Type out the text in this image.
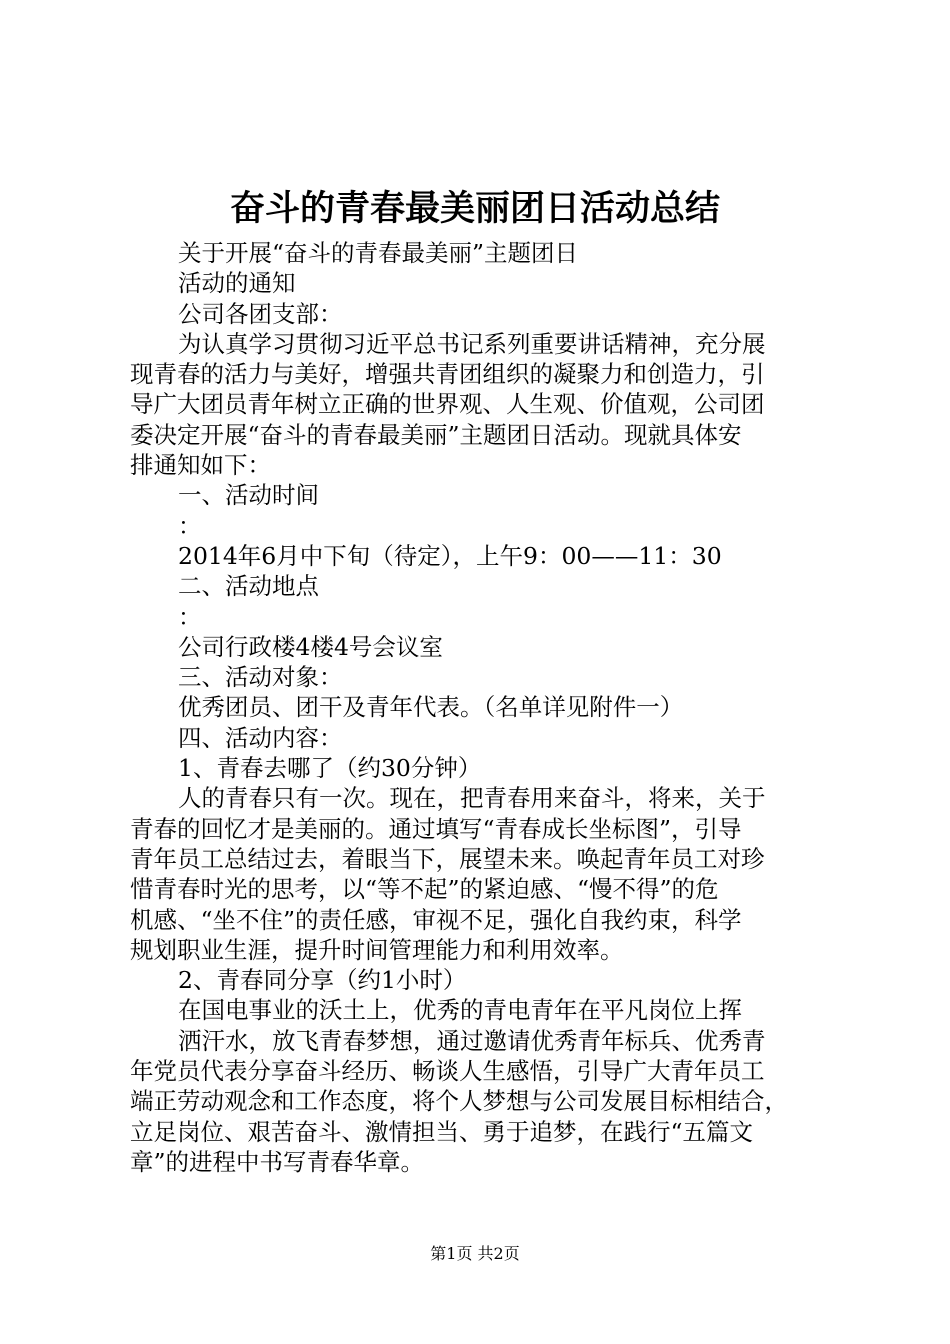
奋斗的青春最美丽团日活动总结
关于开展“奋斗的青春最美丽”主题团日
活动的通知
公司各团支部：
为认真学习贯彻习近平总书记系列重要讲话精神，充分展
现青春的活力与美好，增强共青团组织的凝聚力和创造力，引
导广大团员青年树立正确的世界观、人生观、价值观，公司团
委决定开展“奋斗的青春最美丽”主题团日活动。现就具体安
排通知如下：
一、活动时间
：
2014年6月中下旬（待定），上午9：00——11：30
二、活动地点
：
公司行政楼4楼4号会议室
三、活动对象：
优秀团员、团干及青年代表。（名单详见附件一）
四、活动内容：
1、青春去哪了（约30分钟）
人的青春只有一次。现在，把青春用来奋斗，将来，关于
青春的回忆才是美丽的。通过填写“青春成长坐标图”，引导
青年员工总结过去，着眼当下，展望未来。唤起青年员工对珍
惜青春时光的思考，以“等不起”的紧迫感、“慢不得”的危
机感、“坐不住”的责任感，审视不足，强化自我约束，科学
规划职业生涯，提升时间管理能力和利用效率。
2、青春同分享（约1小时）
在国电事业的沃土上，优秀的青电青年在平凡岗位上挥
洒汗水，放飞青春梦想，通过邀请优秀青年标兵、优秀青
年党员代表分享奋斗经历、畅谈人生感悟，引导广大青年员工
端正劳动观念和工作态度，将个人梦想与公司发展目标相结合，
立足岗位、艰苦奋斗、激情担当、勇于追梦，在践行“五篇文
章”的进程中书写青春华章。
第1页 共2页
